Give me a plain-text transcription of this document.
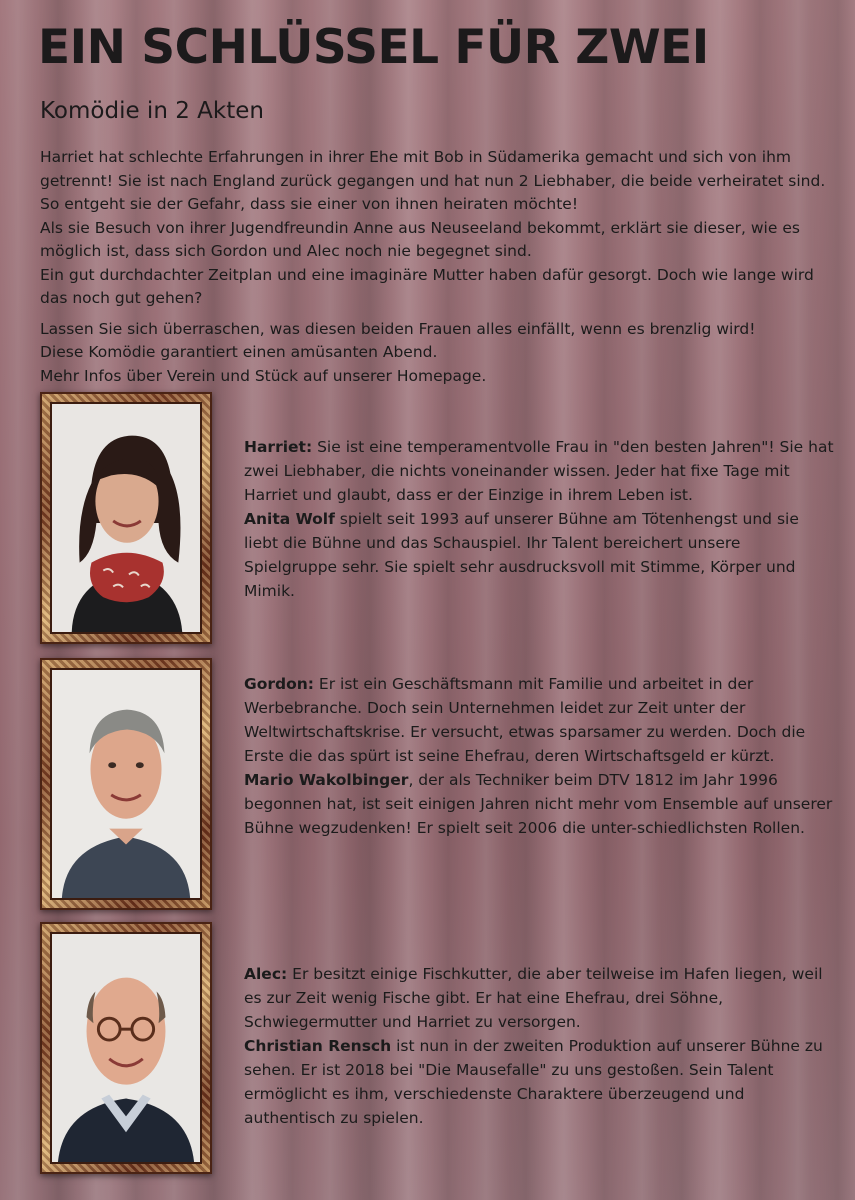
EIN SCHLÜSSEL FÜR ZWEI
Komödie in 2 Akten

Harriet hat schlechte Erfahrungen in ihrer Ehe mit Bob in Südamerika gemacht und sich von ihm getrennt! Sie ist nach England zurück gegangen und hat nun 2 Liebhaber, die beide verheiratet sind. So entgeht sie der Gefahr, dass sie einer von ihnen heiraten möchte!

Als sie Besuch von ihrer Jugendfreundin Anne aus Neuseeland bekommt, erklärt sie dieser, wie es möglich ist, dass sich Gordon und Alec noch nie begegnet sind.

Ein gut durchdachter Zeitplan und eine imaginäre Mutter haben dafür gesorgt. Doch wie lange wird das noch gut gehen?

Lassen Sie sich überraschen, was diesen beiden Frauen alles einfällt, wenn es brenzlig wird!

Diese Komödie garantiert einen amüsanten Abend.

Mehr Infos über Verein und Stück auf unserer Homepage.

Harriet: Sie ist eine temperamentvolle Frau in "den besten Jahren"! Sie hat zwei Liebhaber, die nichts voneinander wissen. Jeder hat fixe Tage mit Harriet und glaubt, dass er der Einzige in ihrem Leben ist.

Anita Wolf spielt seit 1993 auf unserer Bühne am Tötenhengst und sie liebt die Bühne und das Schauspiel. Ihr Talent bereichert unsere Spielgruppe sehr. Sie spielt sehr ausdrucksvoll mit Stimme, Körper und Mimik.

Gordon: Er ist ein Geschäftsmann mit Familie und arbeitet in der Werbebranche. Doch sein Unternehmen leidet zur Zeit unter der Weltwirtschaftskrise. Er versucht, etwas sparsamer zu werden. Doch die Erste die das spürt ist seine Ehefrau, deren Wirtschaftsgeld er kürzt.

Mario Wakolbinger, der als Techniker beim DTV 1812 im Jahr 1996 begonnen hat, ist seit einigen Jahren nicht mehr vom Ensemble auf unserer Bühne wegzudenken! Er spielt seit 2006 die unter-schiedlichsten Rollen.

Alec: Er besitzt einige Fischkutter, die aber teilweise im Hafen liegen, weil es zur Zeit wenig Fische gibt. Er hat eine Ehefrau, drei Söhne, Schwiegermutter und Harriet zu versorgen.

Christian Rensch ist nun in der zweiten Produktion auf unserer Bühne zu sehen. Er ist 2018 bei "Die Mausefalle" zu uns gestoßen. Sein Talent ermöglicht es ihm, verschiedenste Charaktere überzeugend und authentisch zu spielen.
